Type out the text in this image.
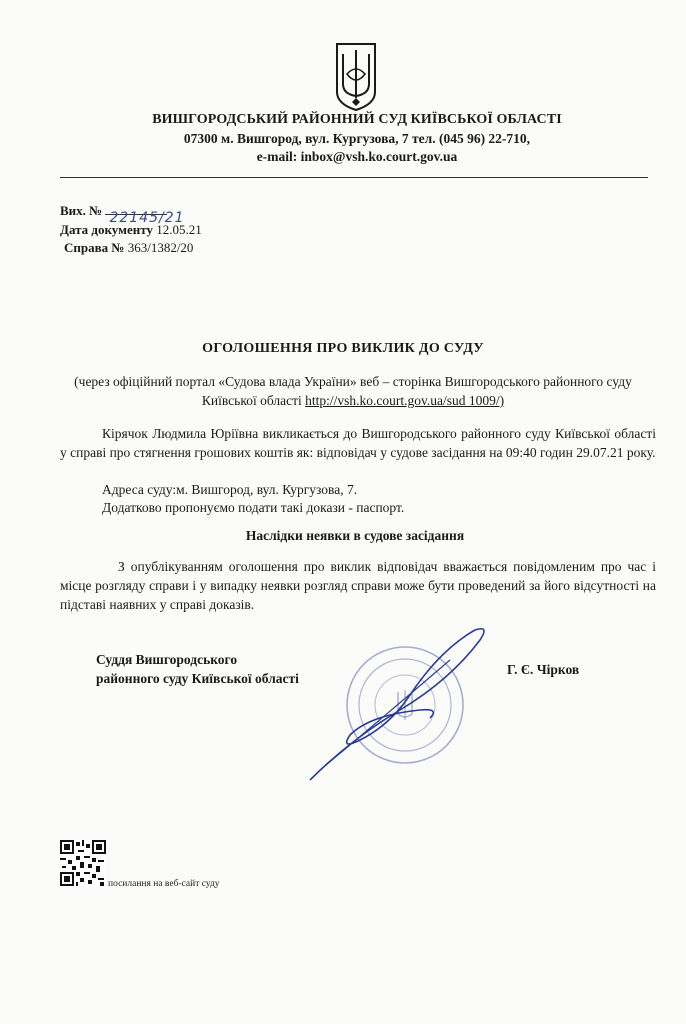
ВИШГОРОДСЬКИЙ РАЙОННИЙ СУД КИЇВСЬКОЇ ОБЛАСТІ
07300 м. Вишгород, вул. Кургузова, 7 тел. (045 96) 22-710,
e-mail: inbox@vsh.ko.court.gov.ua
Вих. № 22145/21
Дата документу 12.05.21
Справа № 363/1382/20
ОГОЛОШЕННЯ ПРО ВИКЛИК ДО СУДУ
(через офіційний портал «Судова влада України» веб – сторінка Вишгородського районного суду Київської області http://vsh.ko.court.gov.ua/sud 1009/)
Кірячок Людмила Юріївна викликається до Вишгородського районного суду Київської області у справі про стягнення грошових коштів як: відповідач у судове засідання на 09:40 годин 29.07.21 року.
Адреса суду:м. Вишгород, вул. Кургузова, 7.
Додатково пропонуємо подати такі докази - паспорт.
Наслідки неявки в судове засідання
З опублікуванням оголошення про виклик відповідач вважається повідомленим про час і місце розгляду справи і у випадку неявки розгляд справи може бути проведений за його відсутності на підставі наявних у справі доказів.
Суддя Вишгородського
районного суду Київської області
Г. Є. Чірков
посилання на веб-сайт суду
